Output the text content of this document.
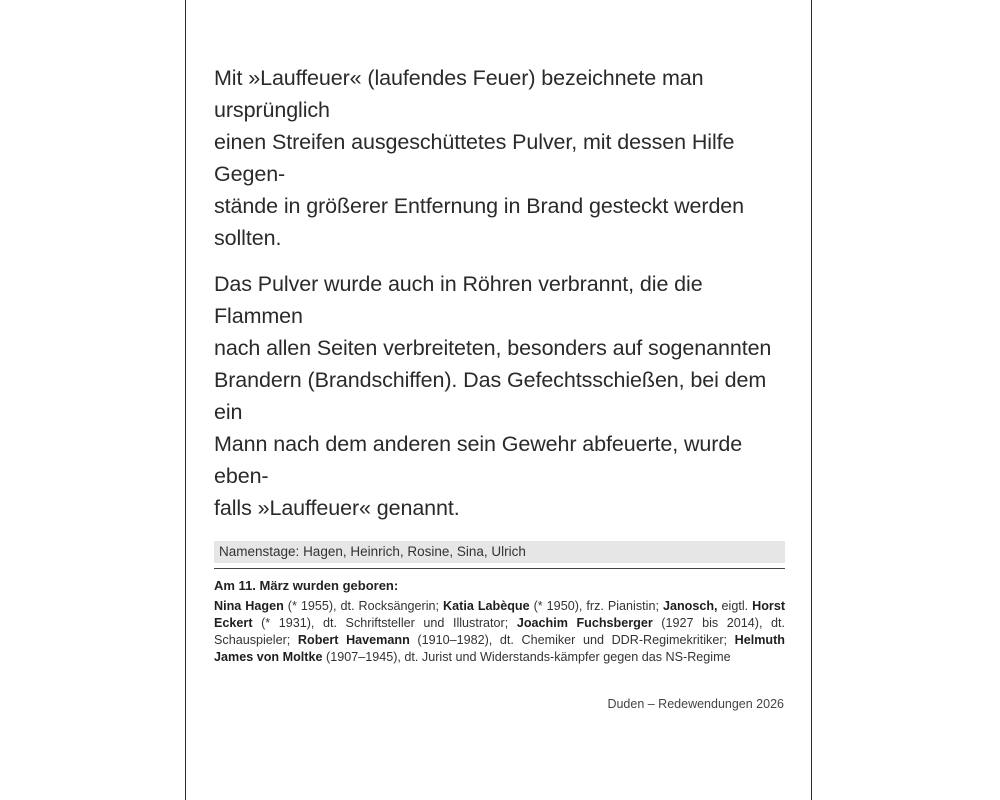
Mit »Lauffeuer« (laufendes Feuer) bezeichnete man ursprünglich
einen Streifen ausgeschüttetes Pulver, mit dessen Hilfe Gegen-
stände in größerer Entfernung in Brand gesteckt werden sollten.

Das Pulver wurde auch in Röhren verbrannt, die die Flammen
nach allen Seiten verbreiteten, besonders auf sogenannten
Brandern (Brandschiffen). Das Gefechtsschießen, bei dem ein
Mann nach dem anderen sein Gewehr abfeuerte, wurde eben-
falls »Lauffeuer« genannt.

Namenstage: Hagen, Heinrich, Rosine, Sina, Ulrich
Am 11. März wurden geboren:
Nina Hagen (* 1955), dt. Rocksängerin; Katia Labèque (* 1950), frz. Pianistin; Janosch, eigtl. Horst Eckert (* 1931), dt. Schriftsteller und Illustrator; Joachim Fuchsberger (1927 bis 2014), dt. Schauspieler; Robert Havemann (1910–1982), dt. Chemiker und DDR-Regimekritiker; Helmuth James von Moltke (1907–1945), dt. Jurist und Widerstands-kämpfer gegen das NS-Regime
Duden – Redewendungen 2026
